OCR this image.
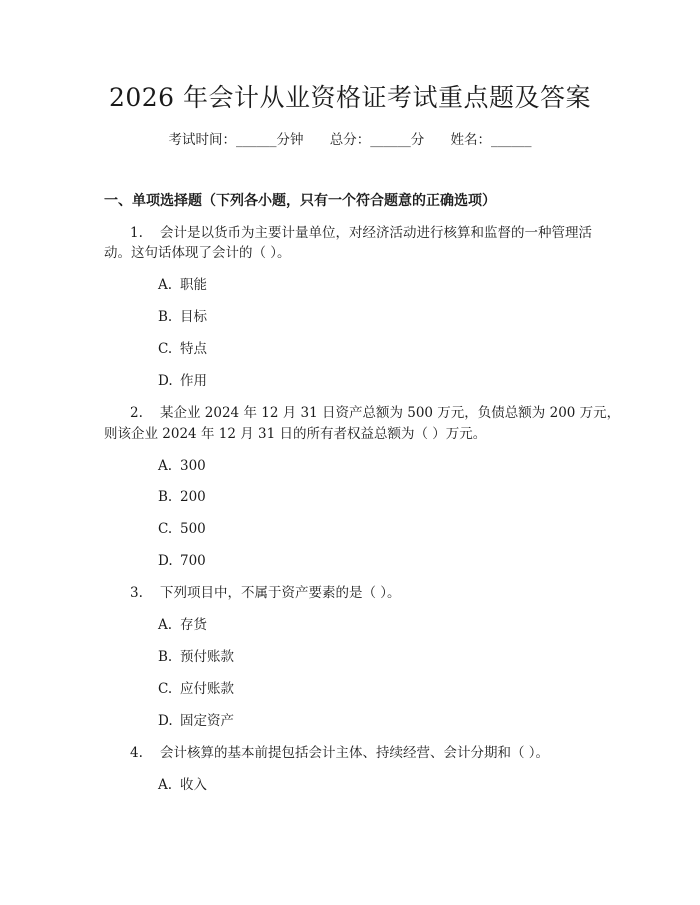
2026 年会计从业资格证考试重点题及答案
考试时间：______分钟 总分：______分 姓名：______
一、单项选择题（下列各小题，只有一个符合题意的正确选项）
1. 会计是以货币为主要计量单位，对经济活动进行核算和监督的一种管理活
动。这句话体现了会计的（ ）。
A. 职能
B. 目标
C. 特点
D. 作用
2. 某企业 2024 年 12 月 31 日资产总额为 500 万元，负债总额为 200 万元，
则该企业 2024 年 12 月 31 日的所有者权益总额为（ ）万元。
A. 300
B. 200
C. 500
D. 700
3. 下列项目中，不属于资产要素的是（ ）。
A. 存货
B. 预付账款
C. 应付账款
D. 固定资产
4. 会计核算的基本前提包括会计主体、持续经营、会计分期和（ ）。
A. 收入
